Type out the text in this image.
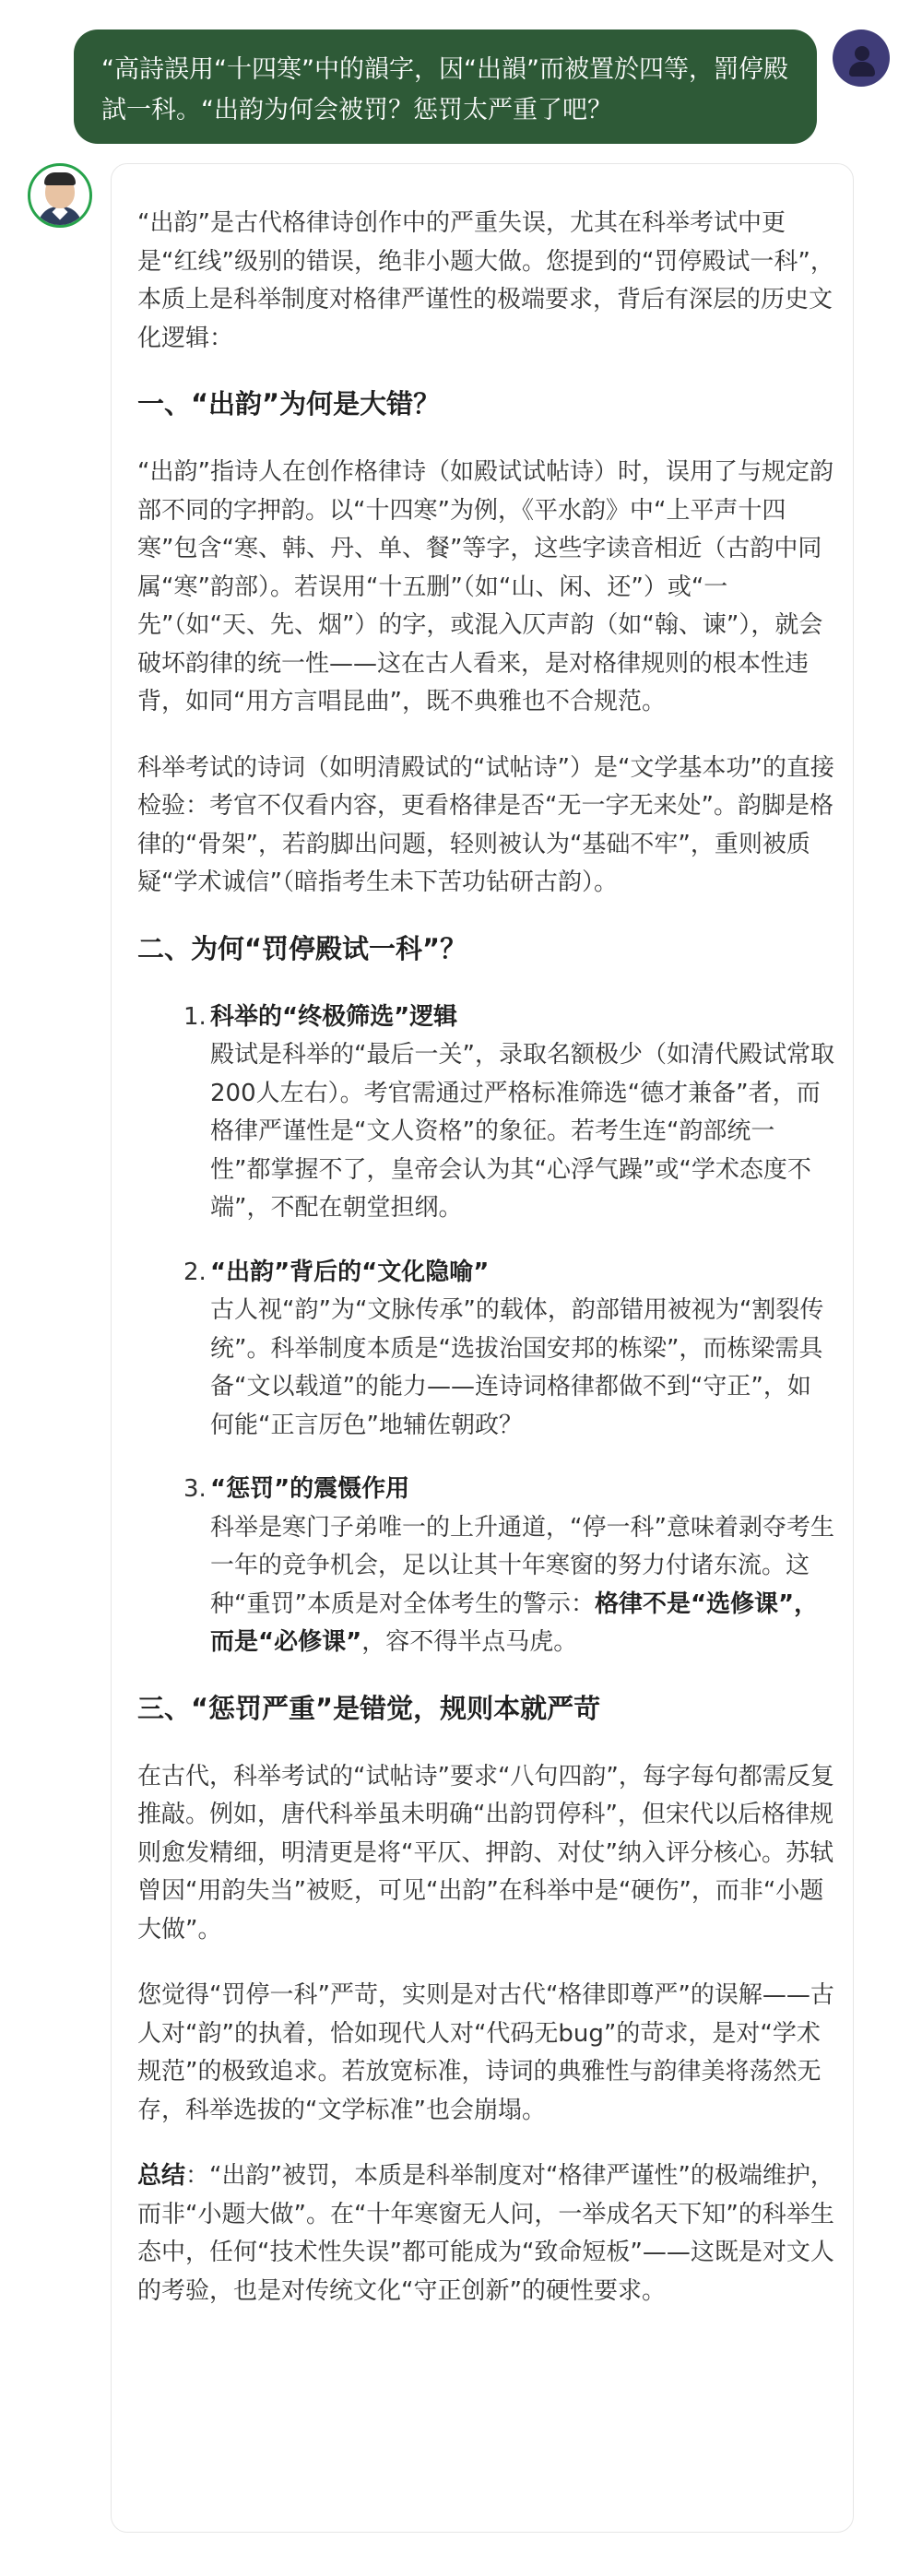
“高詩誤用“十四寒”中的韻字，因“出韻”而被置於四等，罰停殿試一科。“出韵为何会被罚？惩罚太严重了吧？

“出韵”是古代格律诗创作中的严重失误，尤其在科举考试中更是“红线”级别的错误，绝非小题大做。您提到的“罚停殿试一科”，本质上是科举制度对格律严谨性的极端要求，背后有深层的历史文化逻辑：

一、“出韵”为何是大错？

“出韵”指诗人在创作格律诗（如殿试试帖诗）时，误用了与规定韵部不同的字押韵。以“十四寒”为例，《平水韵》中“上平声十四寒”包含“寒、韩、丹、单、餐”等字，这些字读音相近（古韵中同属“寒”韵部）。若误用“十五删”（如“山、闲、还”）或“一先”（如“天、先、烟”）的字，或混入仄声韵（如“翰、谏”），就会破坏韵律的统一性——这在古人看来，是对格律规则的根本性违背，如同“用方言唱昆曲”，既不典雅也不合规范。

科举考试的诗词（如明清殿试的“试帖诗”）是“文学基本功”的直接检验：考官不仅看内容，更看格律是否“无一字无来处”。韵脚是格律的“骨架”，若韵脚出问题，轻则被认为“基础不牢”，重则被质疑“学术诚信”（暗指考生未下苦功钻研古韵）。

二、为何“罚停殿试一科”？
1. 科举的“终极筛选”逻辑
殿试是科举的“最后一关”，录取名额极少（如清代殿试常取200人左右）。考官需通过严格标准筛选“德才兼备”者，而格律严谨性是“文人资格”的象征。若考生连“韵部统一性”都掌握不了，皇帝会认为其“心浮气躁”或“学术态度不端”，不配在朝堂担纲。
2. “出韵”背后的“文化隐喻”
古人视“韵”为“文脉传承”的载体，韵部错用被视为“割裂传统”。科举制度本质是“选拔治国安邦的栋梁”，而栋梁需具备“文以载道”的能力——连诗词格律都做不到“守正”，如何能“正言厉色”地辅佐朝政？
3. “惩罚”的震慑作用
科举是寒门子弟唯一的上升通道，“停一科”意味着剥夺考生一年的竞争机会，足以让其十年寒窗的努力付诸东流。这种“重罚”本质是对全体考生的警示：格律不是“选修课”，而是“必修课”，容不得半点马虎。
三、“惩罚严重”是错觉，规则本就严苛

在古代，科举考试的“试帖诗”要求“八句四韵”，每字每句都需反复推敲。例如，唐代科举虽未明确“出韵罚停科”，但宋代以后格律规则愈发精细，明清更是将“平仄、押韵、对仗”纳入评分核心。苏轼曾因“用韵失当”被贬，可见“出韵”在科举中是“硬伤”，而非“小题大做”。

您觉得“罚停一科”严苛，实则是对古代“格律即尊严”的误解——古人对“韵”的执着，恰如现代人对“代码无bug”的苛求，是对“学术规范”的极致追求。若放宽标准，诗词的典雅性与韵律美将荡然无存，科举选拔的“文学标准”也会崩塌。

总结：“出韵”被罚，本质是科举制度对“格律严谨性”的极端维护，而非“小题大做”。在“十年寒窗无人问，一举成名天下知”的科举生态中，任何“技术性失误”都可能成为“致命短板”——这既是对文人的考验，也是对传统文化“守正创新”的硬性要求。
